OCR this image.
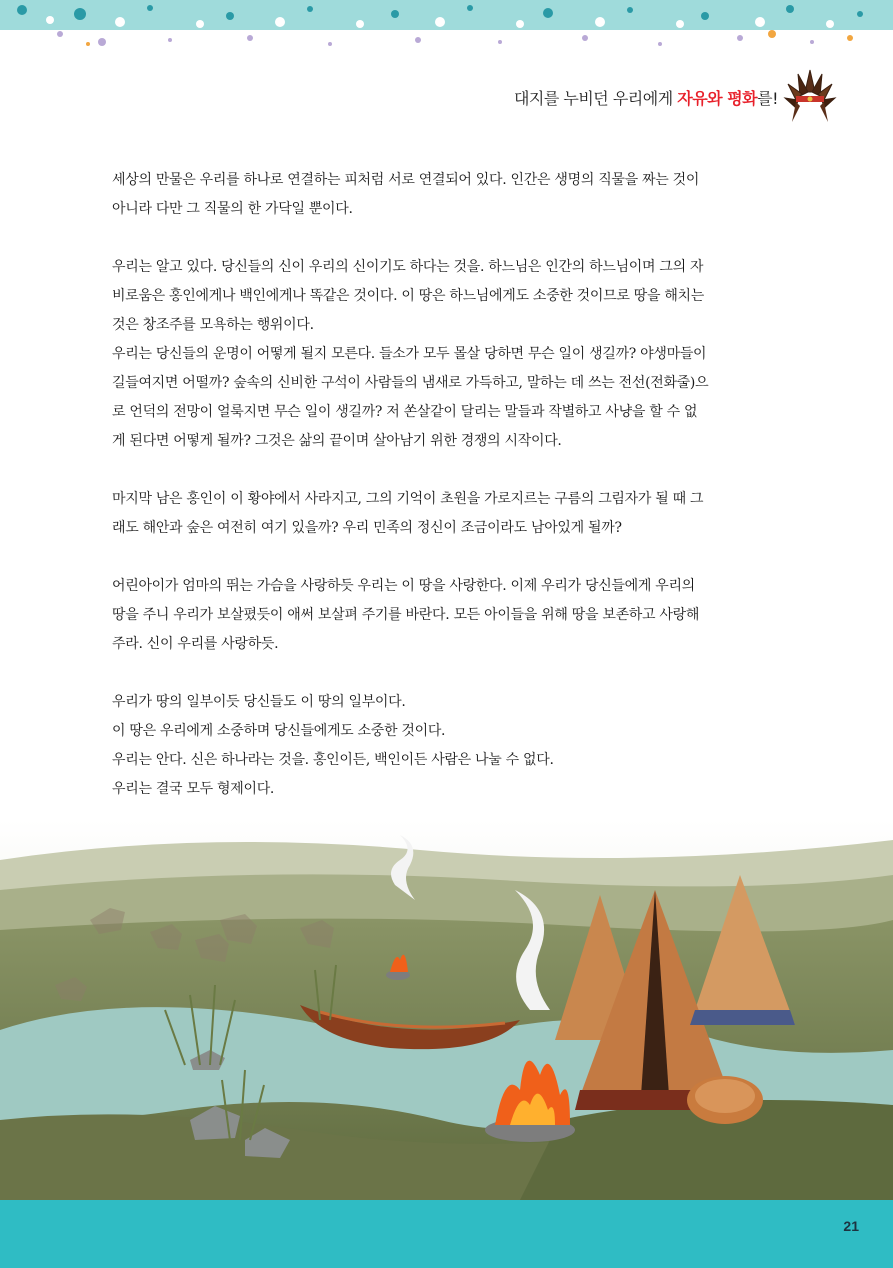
대지를 누비던 우리에게 자유와 평화를!

세상의 만물은 우리를 하나로 연결하는 피처럼 서로 연결되어 있다. 인간은 생명의 직물을 짜는 것이
아니라 다만 그 직물의 한 가닥일 뿐이다.

우리는 알고 있다. 당신들의 신이 우리의 신이기도 하다는 것을. 하느님은 인간의 하느님이며 그의 자
비로움은 홍인에게나 백인에게나 똑같은 것이다. 이 땅은 하느님에게도 소중한 것이므로 땅을 해치는
것은 창조주를 모욕하는 행위이다.

우리는 당신들의 운명이 어떻게 될지 모른다. 들소가 모두 몰살 당하면 무슨 일이 생길까? 야생마들이
길들여지면 어떨까? 숲속의 신비한 구석이 사람들의 냄새로 가득하고, 말하는 데 쓰는 전선(전화줄)으
로 언덕의 전망이 얼룩지면 무슨 일이 생길까? 저 쏜살같이 달리는 말들과 작별하고 사냥을 할 수 없
게 된다면 어떻게 될까? 그것은 삶의 끝이며 살아남기 위한 경쟁의 시작이다.

마지막 남은 홍인이 이 황야에서 사라지고, 그의 기억이 초원을 가로지르는 구름의 그림자가 될 때 그
래도 해안과 숲은 여전히 여기 있을까? 우리 민족의 정신이 조금이라도 남아있게 될까?

어린아이가 엄마의 뛰는 가슴을 사랑하듯 우리는 이 땅을 사랑한다. 이제 우리가 당신들에게 우리의
땅을 주니 우리가 보살폈듯이 애써 보살펴 주기를 바란다. 모든 아이들을 위해 땅을 보존하고 사랑해
주라. 신이 우리를 사랑하듯.

우리가 땅의 일부이듯 당신들도 이 땅의 일부이다.
이 땅은 우리에게 소중하며 당신들에게도 소중한 것이다.
우리는 안다. 신은 하나라는 것을. 홍인이든, 백인이든 사람은 나눌 수 없다.
우리는 결국 모두 형제이다.

21
